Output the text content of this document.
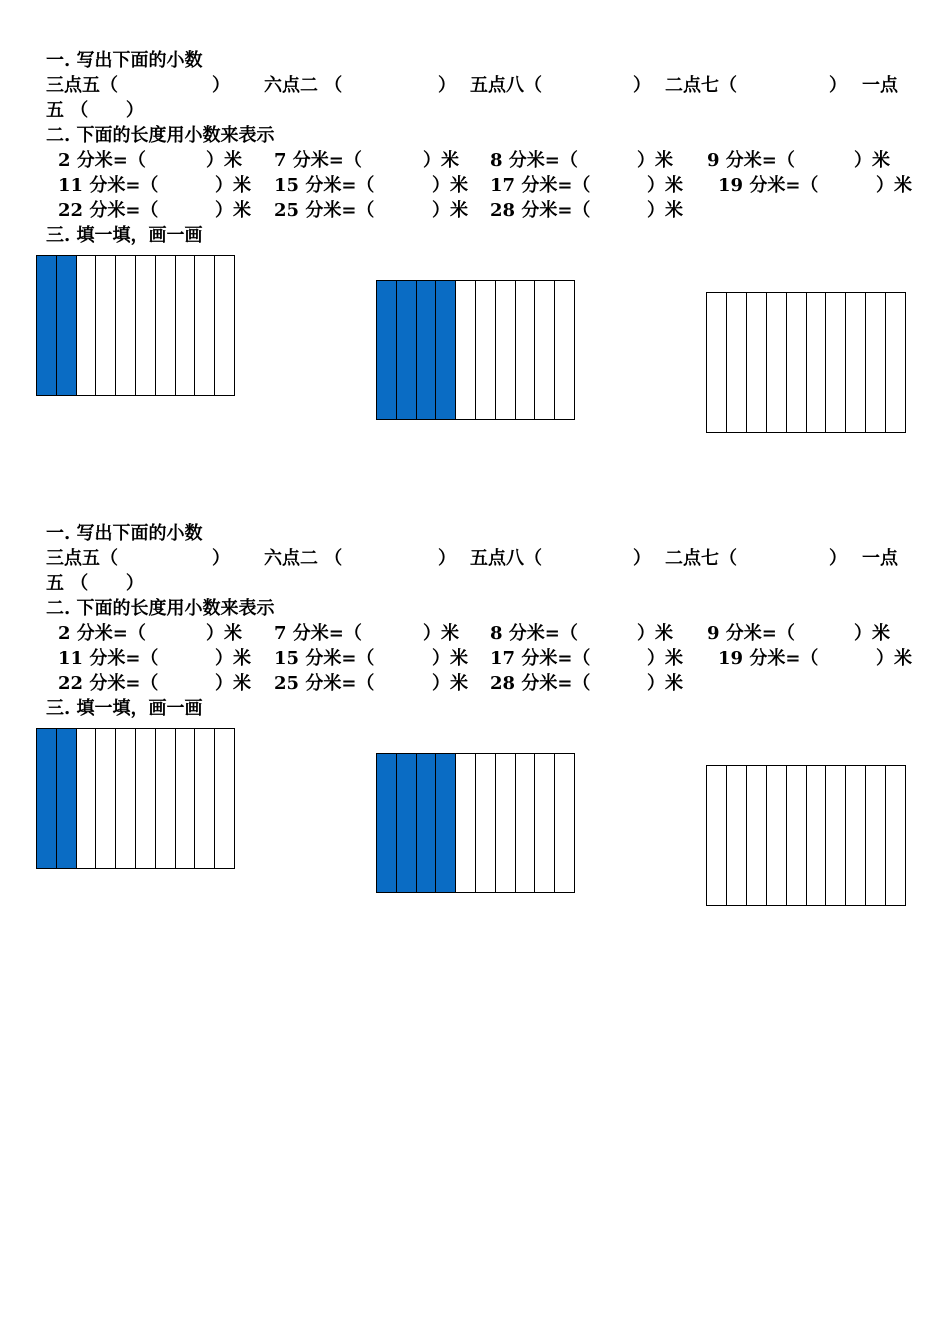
一. 写出下面的小数
三点五（	） 六点二 （	） 五点八（	） 二点七（	） 一点
五 （      ）
二. 下面的长度用小数来表示
2 分米=（	）米 7 分米=（	）米 8 分米=（	）米 9 分米=（	）米
11 分米=（	）米 15 分米=（	）米 17 分米=（	）米 19 分米=（	）米
22 分米=（	）米 25 分米=（	）米 28 分米=（	）米
三. 填一填，画一画
一. 写出下面的小数
三点五（	） 六点二 （	） 五点八（	） 二点七（	） 一点
五 （      ）
二. 下面的长度用小数来表示
2 分米=（	）米 7 分米=（	）米 8 分米=（	）米 9 分米=（	）米
11 分米=（	）米 15 分米=（	）米 17 分米=（	）米 19 分米=（	）米
22 分米=（	）米 25 分米=（	）米 28 分米=（	）米
三. 填一填，画一画
